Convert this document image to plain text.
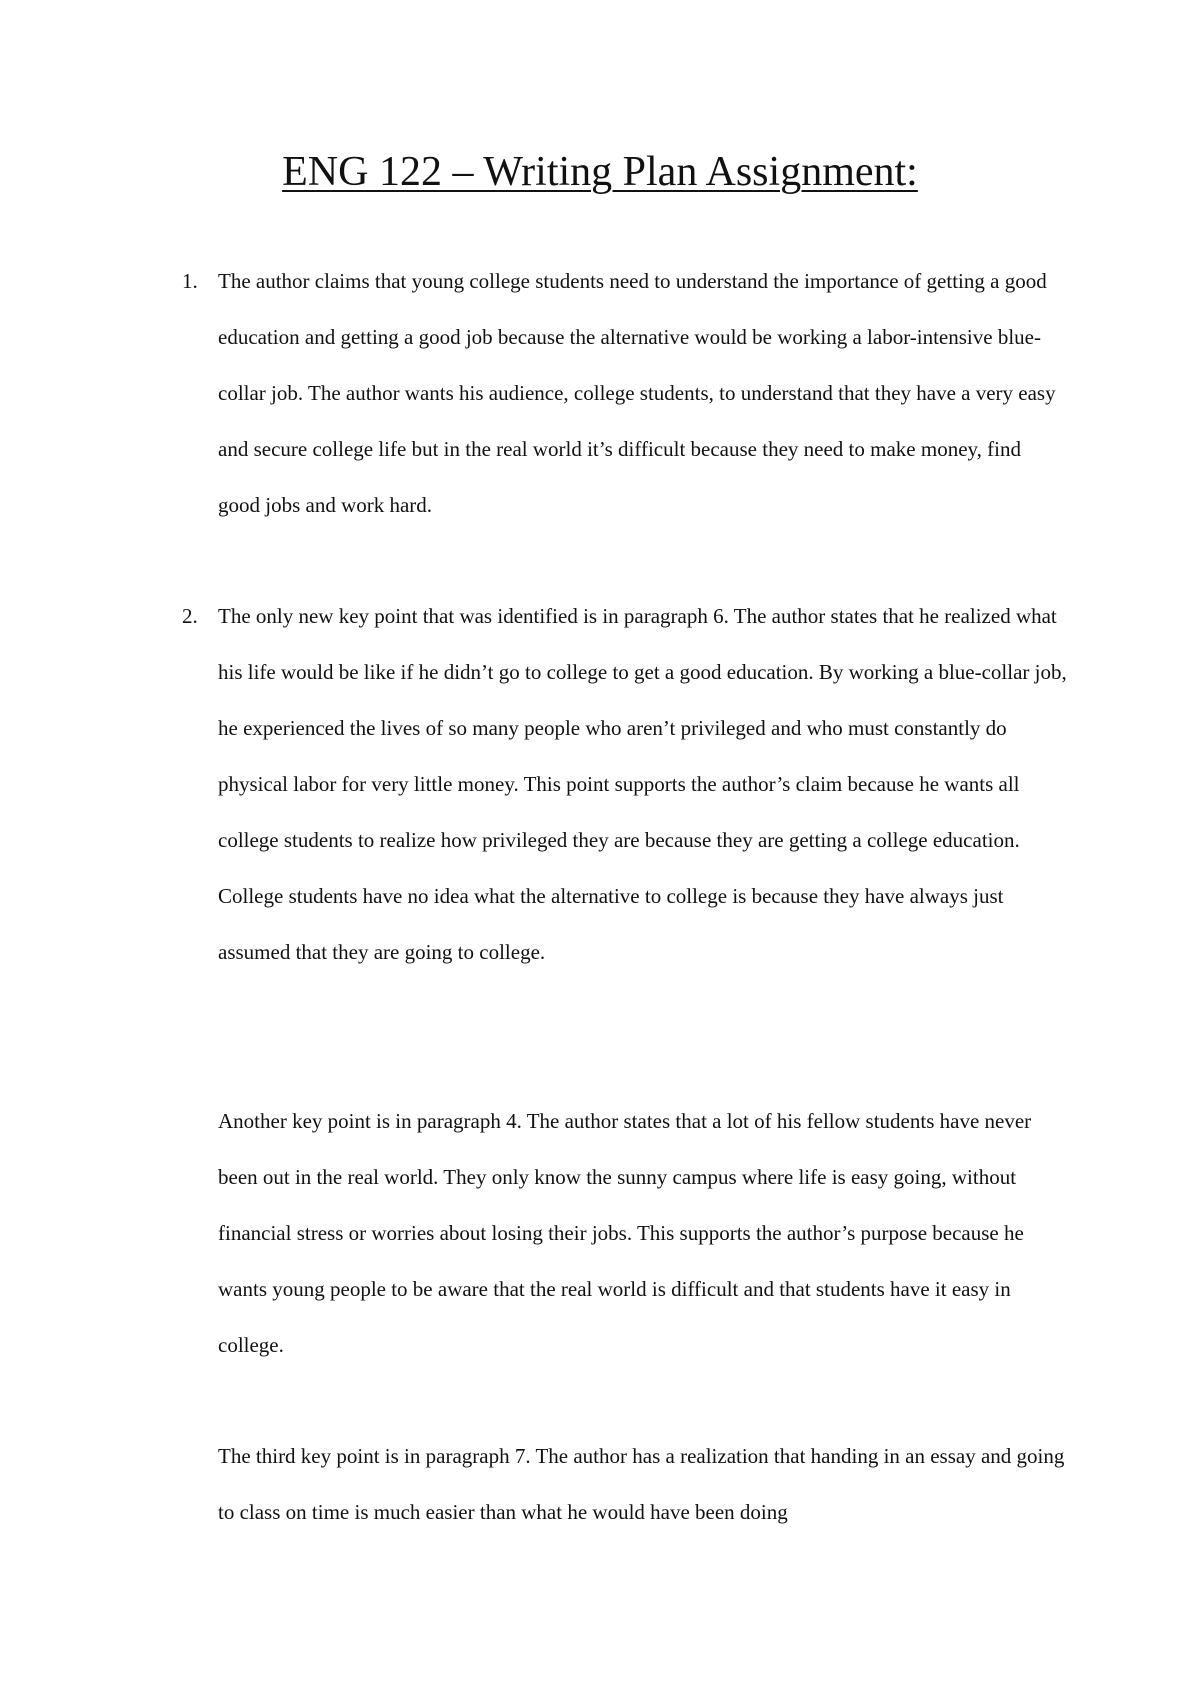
ENG 122 – Writing Plan Assignment:
1. The author claims that young college students need to understand the importance of getting a good education and getting a good job because the alternative would be working a labor-intensive blue-collar job. The author wants his audience, college students, to understand that they have a very easy and secure college life but in the real world it’s difficult because they need to make money, find good jobs and work hard.

2. The only new key point that was identified is in paragraph 6. The author states that he realized what his life would be like if he didn’t go to college to get a good education. By working a blue-collar job, he experienced the lives of so many people who aren’t privileged and who must constantly do physical labor for very little money. This point supports the author’s claim because he wants all college students to realize how privileged they are because they are getting a college education. College students have no idea what the alternative to college is because they have always just assumed that they are going to college.

Another key point is in paragraph 4. The author states that a lot of his fellow students have never been out in the real world. They only know the sunny campus where life is easy going, without financial stress or worries about losing their jobs. This supports the author’s purpose because he wants young people to be aware that the real world is difficult and that students have it easy in college.

The third key point is in paragraph 7. The author has a realization that handing in an essay and going to class on time is much easier than what he would have been doing
